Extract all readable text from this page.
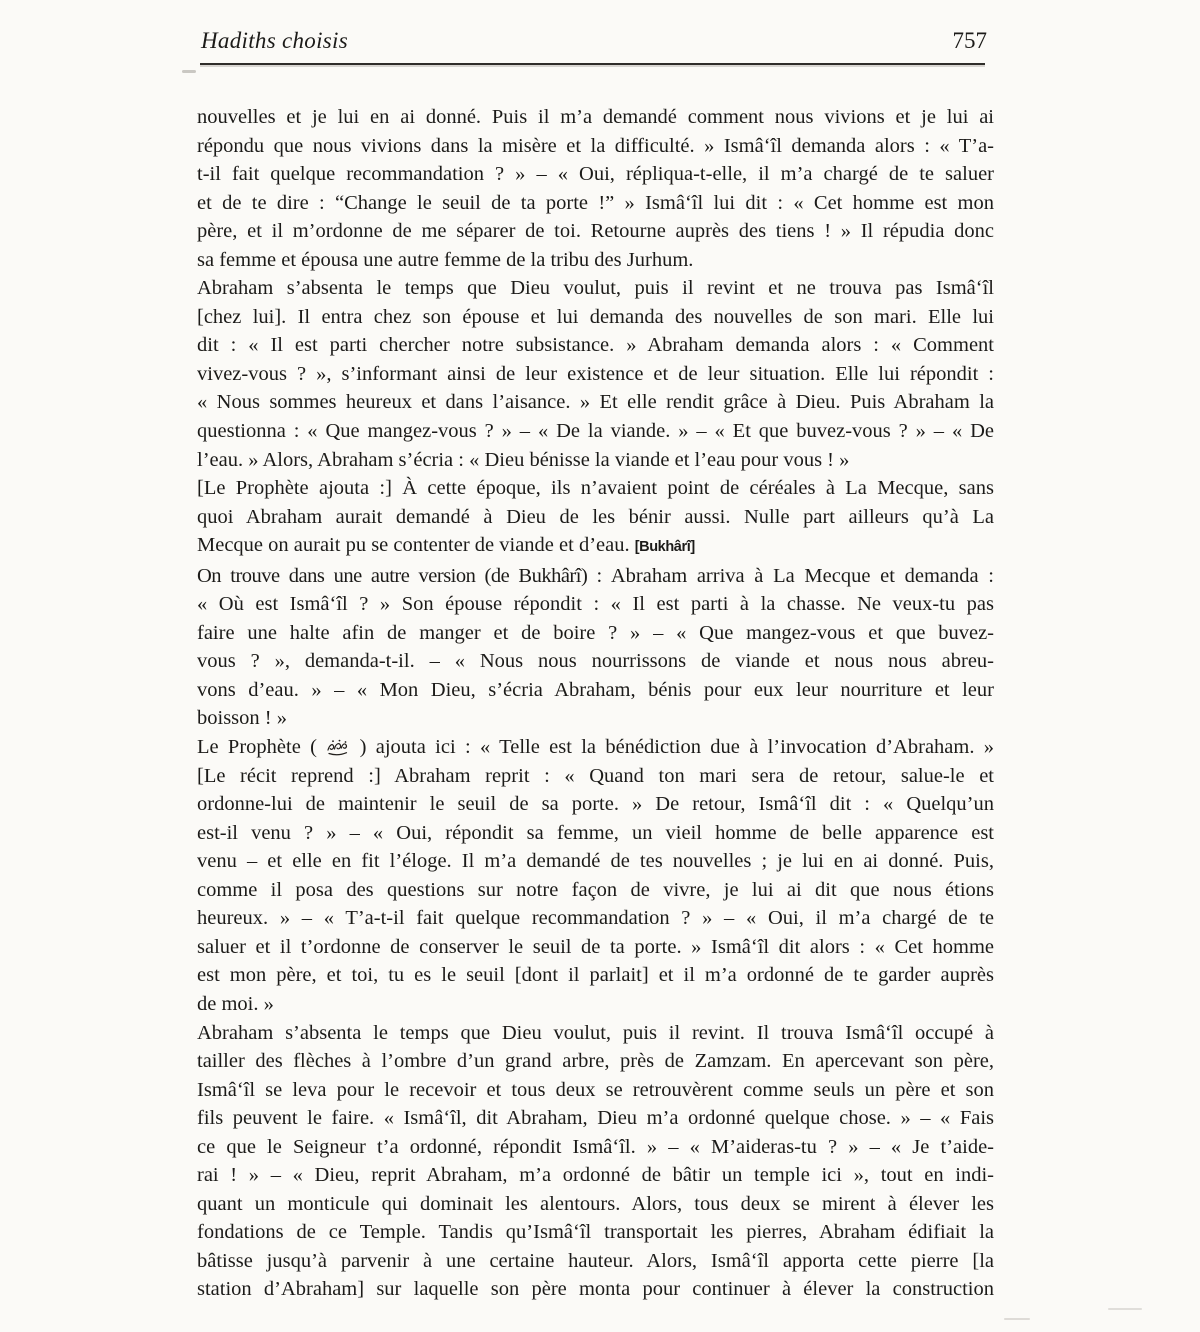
Hadiths choisis	757
nouvelles et je lui en ai donné. Puis il m’a demandé comment nous vivions et je lui ai
répondu que nous vivions dans la misère et la difficulté. » Ismâ‘îl demanda alors : « T’a-
t-il fait quelque recommandation ? » – « Oui, répliqua-t-elle, il m’a chargé de te saluer
et de te dire : “Change le seuil de ta porte !” » Ismâ‘îl lui dit : « Cet homme est mon
père, et il m’ordonne de me séparer de toi. Retourne auprès des tiens ! » Il répudia donc
sa femme et épousa une autre femme de la tribu des Jurhum.
Abraham s’absenta le temps que Dieu voulut, puis il revint et ne trouva pas Ismâ‘îl
[chez lui]. Il entra chez son épouse et lui demanda des nouvelles de son mari. Elle lui
dit : « Il est parti chercher notre subsistance. » Abraham demanda alors : « Comment
vivez-vous ? », s’informant ainsi de leur existence et de leur situation. Elle lui répondit :
« Nous sommes heureux et dans l’aisance. » Et elle rendit grâce à Dieu. Puis Abraham la
questionna : « Que mangez-vous ? » – « De la viande. » – « Et que buvez-vous ? » – « De
l’eau. » Alors, Abraham s’écria : « Dieu bénisse la viande et l’eau pour vous ! »
[Le Prophète ajouta :] À cette époque, ils n’avaient point de céréales à La Mecque, sans
quoi Abraham aurait demandé à Dieu de les bénir aussi. Nulle part ailleurs qu’à La
Mecque on aurait pu se contenter de viande et d’eau. [Bukhârî]
On trouve dans une autre version (de Bukhârî) : Abraham arriva à La Mecque et demanda :
« Où est Ismâ‘îl ? » Son épouse répondit : « Il est parti à la chasse. Ne veux-tu pas
faire une halte afin de manger et de boire ? » – « Que mangez-vous et que buvez-
vous ? », demanda-t-il. – « Nous nous nourrissons de viande et nous nous abreu-
vons d’eau. » – « Mon Dieu, s’écria Abraham, bénis pour eux leur nourriture et leur
boisson ! »
Le Prophète ( ) ajouta ici : « Telle est la bénédiction due à l’invocation d’Abraham. »
[Le récit reprend :] Abraham reprit : « Quand ton mari sera de retour, salue-le et
ordonne-lui de maintenir le seuil de sa porte. » De retour, Ismâ‘îl dit : « Quelqu’un
est-il venu ? » – « Oui, répondit sa femme, un vieil homme de belle apparence est
venu – et elle en fit l’éloge. Il m’a demandé de tes nouvelles ; je lui en ai donné. Puis,
comme il posa des questions sur notre façon de vivre, je lui ai dit que nous étions
heureux. » – « T’a-t-il fait quelque recommandation ? » – « Oui, il m’a chargé de te
saluer et il t’ordonne de conserver le seuil de ta porte. » Ismâ‘îl dit alors : « Cet homme
est mon père, et toi, tu es le seuil [dont il parlait] et il m’a ordonné de te garder auprès
de moi. »
Abraham s’absenta le temps que Dieu voulut, puis il revint. Il trouva Ismâ‘îl occupé à
tailler des flèches à l’ombre d’un grand arbre, près de Zamzam. En apercevant son père,
Ismâ‘îl se leva pour le recevoir et tous deux se retrouvèrent comme seuls un père et son
fils peuvent le faire. « Ismâ‘îl, dit Abraham, Dieu m’a ordonné quelque chose. » – « Fais
ce que le Seigneur t’a ordonné, répondit Ismâ‘îl. » – « M’aideras-tu ? » – « Je t’aide-
rai ! » – « Dieu, reprit Abraham, m’a ordonné de bâtir un temple ici », tout en indi-
quant un monticule qui dominait les alentours. Alors, tous deux se mirent à élever les
fondations de ce Temple. Tandis qu’Ismâ‘îl transportait les pierres, Abraham édifiait la
bâtisse jusqu’à parvenir à une certaine hauteur. Alors, Ismâ‘îl apporta cette pierre [la
station d’Abraham] sur laquelle son père monta pour continuer à élever la construction
